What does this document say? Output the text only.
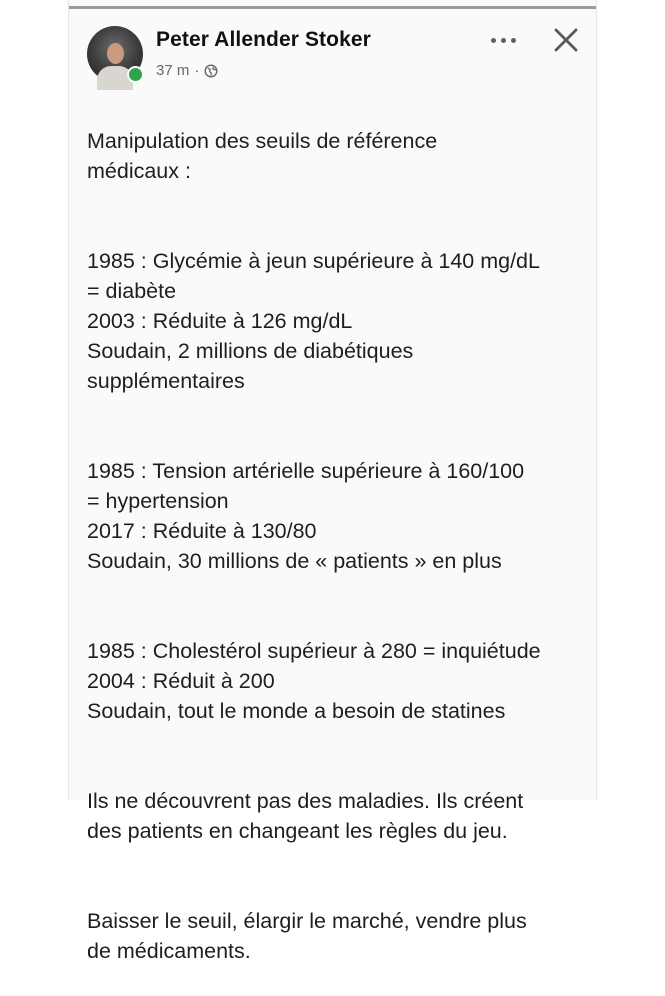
Peter Allender Stoker
37 m ·

Manipulation des seuils de référence
médicaux :

1985 : Glycémie à jeun supérieure à 140 mg/dL
= diabète
2003 : Réduite à 126 mg/dL
Soudain, 2 millions de diabétiques
supplémentaires

1985 : Tension artérielle supérieure à 160/100
= hypertension
2017 : Réduite à 130/80
Soudain, 30 millions de « patients » en plus

1985 : Cholestérol supérieur à 280 = inquiétude
2004 : Réduit à 200
Soudain, tout le monde a besoin de statines

Ils ne découvrent pas des maladies. Ils créent
des patients en changeant les règles du jeu.

Baisser le seuil, élargir le marché, vendre plus
de médicaments.
